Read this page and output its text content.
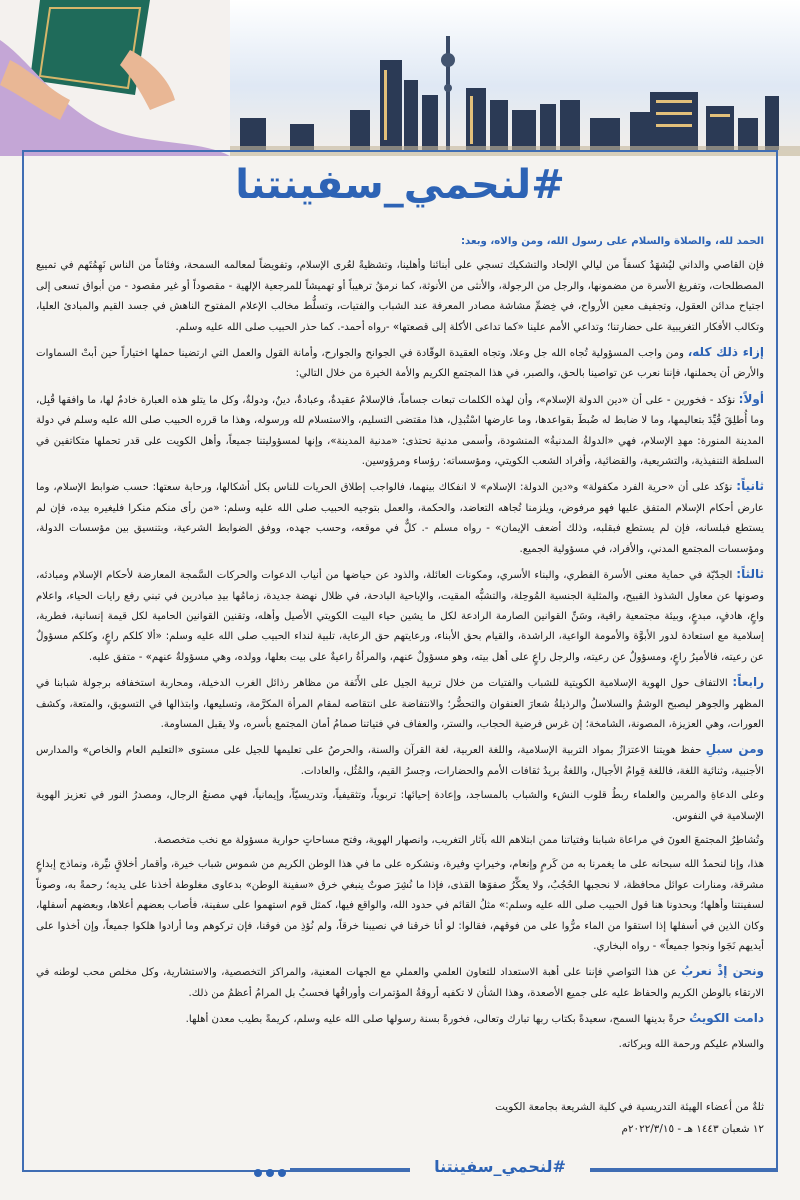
#لنحمي_سفينتنا

الحمد لله، والصلاة والسلام على رسول الله، ومن والاه، وبعد:

فإن القاصي والداني ليُشهَدُ كسفاً من ليالي الإلحاد والتشكيك تسجي على أبنائنا وأهلينا، وتشظيةً لعُرى الإسلام، وتفويضاً لمعالمه السمحة، وفئاماً من الناس نَهِمُتَهم في تمييع المصطلحات، وتفريغ الأسرة من مضمونها، والرجل من الرجولة، والأنثى من الأنوثة، كما نرمقُ ترهيباً أو تهميشاً للمرجعية الإلهية - مقصوداً أو غير مقصود - من أبواق تسعى إلى اجتياح مدائن العقول، وتجفيف معين الأرواح، في خِضمِّ مشاشة مصادر المعرفة عند الشباب والفتيات، وتسلُّط مخالب الإعلام المفتوح الناهش في جسد القيم والمبادئ العليا، وتكالب الأفكار التغريبية على حضارتنا؛ وتداعي الأمم علينا «كما تداعى الأكلة إلى قصعتها» -رواه أحمد-. كما حذر الحبيب صلى الله عليه وسلم.

إزاء ذلك كله، ومن واجب المسؤولية تُجاه الله جل وعلا، وتجاه العقيدة الوقّادة في الجوانح والجوارح، وأمانة القول والعمل التي ارتضينا حملها اختياراً حين أبتْ السماوات والأرض أن يحملنها، فإننا نعرب عن تواصينا بالحق، والصبر، في هذا المجتمع الكريم والأمة الخيرة من خلال التالي:

أولاً: نؤكد - فخورين - على أن «دين الدولة الإسلام»، وأن لهذه الكلمات تبعات جساماً، فالإسلامُ عقيدةٌ، وعبادةٌ، دينٌ، ودولةٌ، وكل ما يتلو هذه العبارة خادمٌ لها، ما وافقها قُبِل، وما أُطلِقَ قُيِّدَ بتعاليمها، وما لا ضابط له ضُبطَ بقواعدها، وما عارضها اسْتُبدِل، هذا مقتضى التسليم، والاستسلام لله ورسوله، وهذا ما قرره الحبيب صلى الله عليه وسلم في دولة المدينة المنورة: مهدِ الإسلام، فهي «الدولةُ المدنيةُ» المنشودة، وأسمى مدنية تحتذى: «مدنية المدينة»، وإنها لمسؤوليتنا جميعاً، وأهل الكويت على قدر تحملها متكاتفين في السلطة التنفيذية، والتشريعية، والقضائية، وأفراد الشعب الكويتي، ومؤسساته: رؤساء ومرؤوسين.

ثانياً: نؤكد على أن «حرية الفرد مكفولة» و«دين الدولة: الإسلام» لا انفكاك بينهما، فالواجب إطلاق الحريات للناس بكل أشكالها، ورحابة سعتها: حسب ضوابط الإسلام، وما عارض أحكام الإسلام المتفق عليها فهو مرفوض، ويلزمنا تُجاهه التعاضد، والحكمة، والعمل بتوجيه الحبيب صلى الله عليه وسلم: «من رأى منكم منكرا فليغيره بيده، فإن لم يستطع فبلسانه، فإن لم يستطع فبقلبه، وذلك أضعف الإيمان» - رواه مسلم -. كلٌّ في موقعه، وحسب جهده، ووفق الضوابط الشرعية، وبتنسيق بين مؤسسات الدولة، ومؤسسات المجتمع المدني، والأفراد، في مسؤولية الجميع.

ثالثاً: الجدّيّة في حماية معنى الأسرة الفطري، والبناء الأسري، ومكونات العائلة، والذود عن حياضها من أنياب الدعوات والحركات السَّمجة المعارضة لأحكام الإسلام ومبادئه، وصونها عن معاول الشذوذ القبيح، والمثلية الجنسية المُوحِلة، والتشبُّه المقيت، والإباحية البادحة، في ظلال نهضة جديدة، زمامُها بيدِ مبادرين في تبني رفع رايات الحياء، واعلام واعٍ، هادفٍ، مبدعٍ، وبيئة مجتمعية راقية، وسَنِّ القوانين الصارمة الرادعة لكل ما يشين حياء البيت الكويتي الأصيل وأهله، وتقنين القوانين الحامية لكل قيمة إنسانية، فطرية، إسلامية مع استعادة لدور الأبوَّة والأمومة الواعية، الراشدة، والقيام بحق الأبناء، ورعايتهم حق الرعاية، تلبية لنداء الحبيب صلى الله عليه وسلم: «ألا كلكم راعٍ، وكلكم مسؤولٌ عن رعيته، فالأميرُ راعٍ، ومسؤولٌ عن رعيته، والرجل راعٍ على أهل بيته، وهو مسؤولٌ عنهم، والمرأةُ راعيةٌ على بيت بعلها، وولده، وهي مسؤولةٌ عنهم» - متفق عليه.

رابعاً: الالتفاف حول الهوية الإسلامية الكويتية للشباب والفتيات من خلال تربية الجيل على الأَنَفة من مظاهر رذائل الغرب الدخيلة، ومحاربة استخفافه برجولة شبابنا في المظهر والجوهر ليصبح الوشمُ والسلاسلُ والرذيلةُ شعارَ العنفوان والتحضُّر؛ والانتفاضة على انتقاصه لمقام المرأة المكرَّمة، وتسليعها، وابتذالها في التسويق، والمتعة، وكشف العورات، وهي العزيزة، المصونة، الشامخة؛ إن غرس فرضية الحجاب، والستر، والعفاف في فتياتنا صمامُ أمان المجتمع بأسره، ولا يقبل المساومة.

ومن سبلِ حفظ هويتنا الاعتزازُ بمواد التربية الإسلامية، واللغة العربية، لغة القرآن والسنة، والحرصُ على تعليمها للجيل على مستوى «التعليم العام والخاص» والمدارس الأجنبية، وثنائية اللغة، فاللغة قِوامُ الأجيال، واللغةُ بريدُ ثقافات الأمم والحضارات، وجسرُ القيم، والمُثُل، والعادات.

وعلى الدعاةِ والمربين والعلماء ربطُ قلوب النشء والشباب بالمساجد، وإعادة إحيائها: تربوياً، وتثقيفياً، وتدريسيّاً، وإيمانياً، فهي مصنعُ الرجال، ومصدرُ النور في تعزيز الهوية الإسلامية في النفوس.

وتُشاطِرُ المجتمعَ العونَ في مراعاة شبابنا وفتياتنا ممن ابتلاهم الله بآثار التغريب، وانصهار الهوية، وفتح مساحاتٍ حوارية مسؤولة مع نخب متخصصة.

هذا، وإنا لنحمدُ الله سبحانه على ما يغمرنا به من كَرمٍ وإنعام، وخيراتٍ وفيرة، ونشكره على ما في هذا الوطن الكريم من شموس شباب خيرة، وأقمار أخلاقٍ نيِّرة، ونماذج إبداعٍ مشرقة، ومنارات عوائل محافظة، لا نحجبها الحُجُبُ، ولا يعكِّرُ صفوَها القذى، فإذا ما نُشِرَ صوتٌ ينبغي خرق «سفينة الوطن» بدعاوى مغلوطة أخذنا على يديه؛ رحمةً به، وصوناً لسفينتنا وأهلها؛ وبحدونا هنا قول الحبيب صلى الله عليه وسلم:» مثلُ القائم في حدود الله، والواقع فيها، كمثل قوم استهموا على سفينة، فأصاب بعضهم أعلاها، وبعضهم أسفلها، وكان الذين في أسفلها إذا استقوا من الماء مرُّوا على من فوقهم، فقالوا: لو أنا خرقنا في نصيبنا خرقاً، ولم نُؤذِ من فوقنا، فإن تركوهم وما أرادوا هلكوا جميعاً، وإن أخذوا على أيديهم نَجَوا ونجوا جميعاً» - رواه البخاري.

ونحن إذْ نعربُ عن هذا التواصي فإننا على أهبة الاستعداد للتعاون العلمي والعملي مع الجهات المعنية، والمراكز التخصصية، والاستشارية، وكل مخلص محب لوطنه في الارتقاء بالوطن الكريم والحفاظ عليه على جميع الأصعدة، وهذا الشأن لا تكفيه أروقةُ المؤتمرات وأوراقُها فحسبُ بل المرامُ أعظمُ من ذلك.

دامت الكويتُ حرةً بدينها السمح، سعيدةً بكتاب ربها تبارك وتعالى، فخورةً بسنة رسولها صلى الله عليه وسلم، كريمةً بطيب معدن أهلها.

والسلام عليكم ورحمة الله وبركاته.

ثلةٌ من أعضاء الهيئة التدريسية في كلية الشريعة بجامعة الكويت
١٢ شعبان ١٤٤٣ هـ - ٢٠٢٢/٣/١٥م
#لنحمي_سفينتنا
